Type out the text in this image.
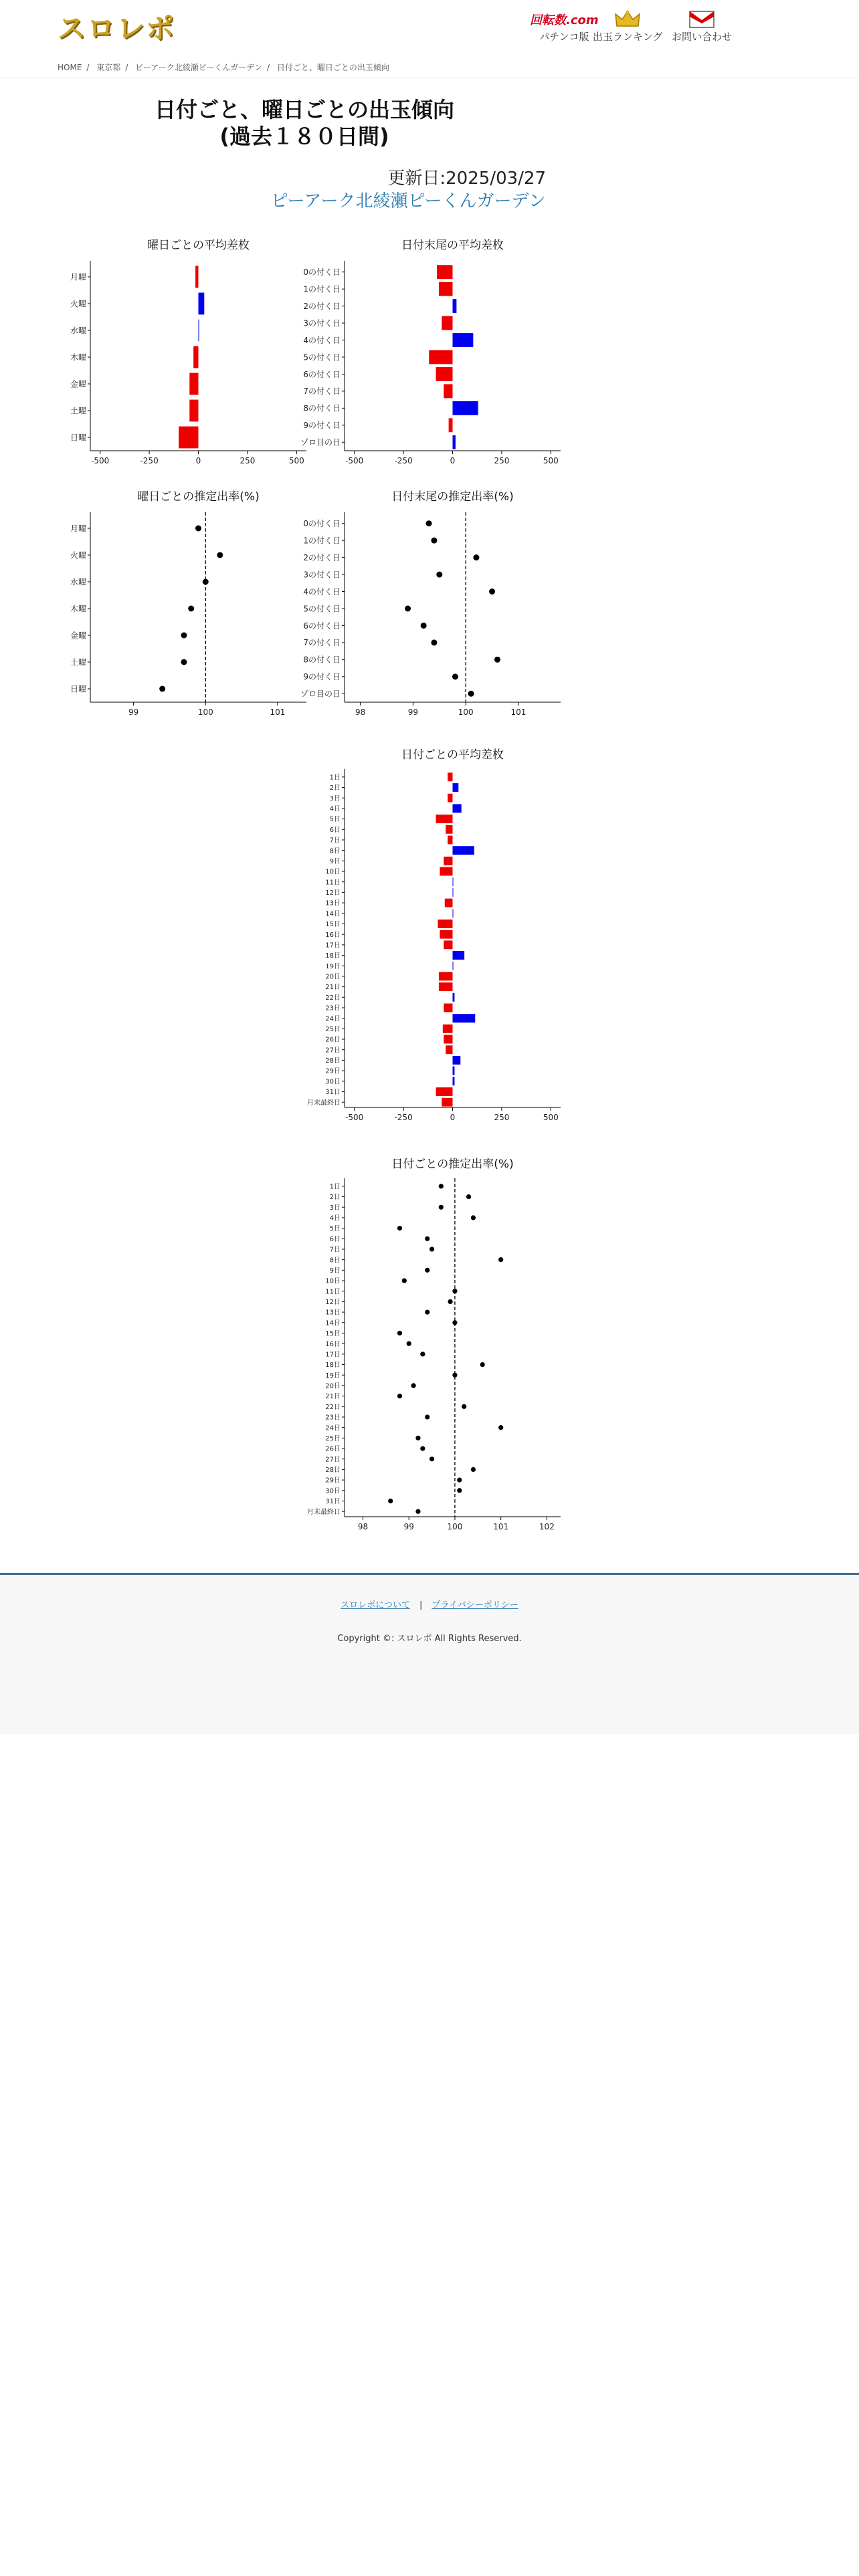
スロレポ	回転数.com
パチンコ版 出玉ランキング お問い合わせ
HOME / 東京都 / ピーアーク北綾瀬ピーくんガーデン / 日付ごと、曜日ごとの出玉傾向
日付ごと、曜日ごとの出玉傾向
(過去１８０日間)
更新日:2025/03/27
ピーアーク北綾瀬ピーくんガーデン
曜日ごとの平均差枚
-500	-250	0	250	500
月曜
火曜
水曜
木曜
金曜
土曜
日曜
日付末尾の平均差枚
-500	-250	0	250	500
0の付く日
1の付く日
2の付く日
3の付く日
4の付く日
5の付く日
6の付く日
7の付く日
8の付く日
9の付く日
ゾロ目の日
曜日ごとの推定出率(%)
99	100	101
月曜
火曜
水曜
木曜
金曜
土曜
日曜
日付末尾の推定出率(%)
98	99	100	101
0の付く日
1の付く日
2の付く日
3の付く日
4の付く日
5の付く日
6の付く日
7の付く日
8の付く日
9の付く日
ゾロ目の日
日付ごとの平均差枚
-500	-250	0	250	500
1日
2日
3日
4日
5日
6日
7日
8日
9日
10日
11日
12日
13日
14日
15日
16日
17日
18日
19日
20日
21日
22日
23日
24日
25日
26日
27日
28日
29日
30日
31日
月末最終日
日付ごとの推定出率(%)
98	99	100	101	102
1日
2日
3日
4日
5日
6日
7日
8日
9日
10日
11日
12日
13日
14日
15日
16日
17日
18日
19日
20日
21日
22日
23日
24日
25日
26日
27日
28日
29日
30日
31日
月末最終日
スロレポについて | プライバシーポリシー
Copyright ©: スロレポ All Rights Reserved.
